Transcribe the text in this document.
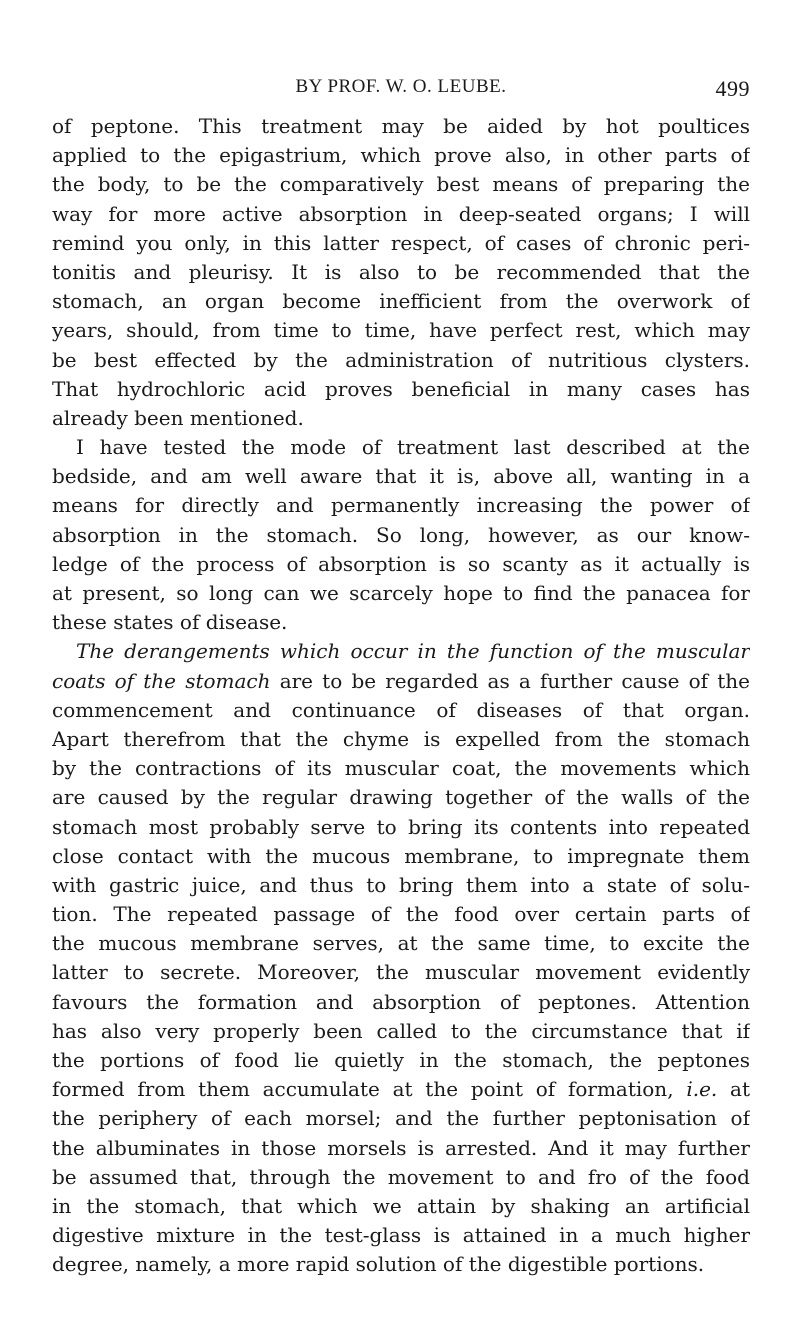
BY PROF. W. O. LEUBE.	499
of peptone. This treatment may be aided by hot poultices
applied to the epigastrium, which prove also, in other parts of
the body, to be the comparatively best means of preparing the
way for more active absorption in deep-seated organs; I will
remind you only, in this latter respect, of cases of chronic peri-
tonitis and pleurisy. It is also to be recommended that the
stomach, an organ become inefficient from the overwork of
years, should, from time to time, have perfect rest, which may
be best effected by the administration of nutritious clysters.
That hydrochloric acid proves beneficial in many cases has
already been mentioned.
I have tested the mode of treatment last described at the
bedside, and am well aware that it is, above all, wanting in a
means for directly and permanently increasing the power of
absorption in the stomach. So long, however, as our know-
ledge of the process of absorption is so scanty as it actually is
at present, so long can we scarcely hope to find the panacea for
these states of disease.
The derangements which occur in the function of the muscular
coats of the stomach are to be regarded as a further cause of the
commencement and continuance of diseases of that organ.
Apart therefrom that the chyme is expelled from the stomach
by the contractions of its muscular coat, the movements which
are caused by the regular drawing together of the walls of the
stomach most probably serve to bring its contents into repeated
close contact with the mucous membrane, to impregnate them
with gastric juice, and thus to bring them into a state of solu-
tion. The repeated passage of the food over certain parts of
the mucous membrane serves, at the same time, to excite the
latter to secrete. Moreover, the muscular movement evidently
favours the formation and absorption of peptones. Attention
has also very properly been called to the circumstance that if
the portions of food lie quietly in the stomach, the peptones
formed from them accumulate at the point of formation, i.e. at
the periphery of each morsel; and the further peptonisation of
the albuminates in those morsels is arrested. And it may further
be assumed that, through the movement to and fro of the food
in the stomach, that which we attain by shaking an artificial
digestive mixture in the test-glass is attained in a much higher
degree, namely, a more rapid solution of the digestible portions.
